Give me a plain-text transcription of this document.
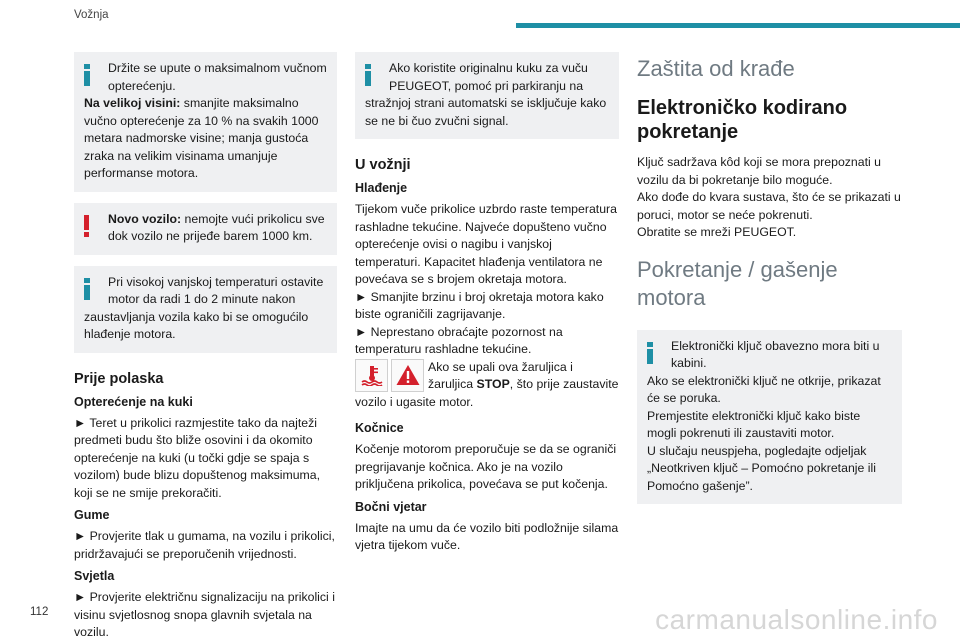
Vožnja
Držite se upute o maksimalnom vučnom opterećenju.
Na velikoj visini: smanjite maksimalno vučno opterećenje za 10 % na svakih 1000 metara nadmorske visine; manja gustoća zraka na velikim visinama umanjuje performanse motora.
Novo vozilo: nemojte vući prikolicu sve dok vozilo ne prijeđe barem 1000 km.
Pri visokoj vanjskoj temperaturi ostavite motor da radi 1 do 2 minute nakon
zaustavljanja vozila kako bi se omogućilo hlađenje motora.
Prije polaska
Opterećenje na kuki
► Teret u prikolici razmjestite tako da najteži predmeti budu što bliže osovini i da okomito opterećenje na kuki (u točki gdje se spaja s vozilom) bude blizu dopuštenog maksimuma, koji se ne smije prekoračiti.
Gume
► Provjerite tlak u gumama, na vozilu i prikolici, pridržavajući se preporučenih vrijednosti.
Svjetla
► Provjerite električnu signalizaciju na prikolici i visinu svjetlosnog snopa glavnih svjetala na vozilu.
Ako koristite originalnu kuku za vuču PEUGEOT, pomoć pri parkiranju na
stražnjoj strani automatski se isključuje kako se ne bi čuo zvučni signal.
U vožnji
Hlađenje
Tijekom vuče prikolice uzbrdo raste temperatura rashladne tekućine. Najveće dopušteno vučno opterećenje ovisi o nagibu i vanjskoj temperaturi. Kapacitet hlađenja ventilatora ne povećava se s brojem okretaja motora.
► Smanjite brzinu i broj okretaja motora kako biste ograničili zagrijavanje.
► Neprestano obraćajte pozornost na temperaturu rashladne tekućine.
Ako se upali ova žaruljica i žaruljica STOP, što prije zaustavite vozilo i ugasite motor.
Kočnice
Kočenje motorom preporučuje se da se ograniči pregrijavanje kočnica. Ako je na vozilo priključena prikolica, povećava se put kočenja.
Bočni vjetar
Imajte na umu da će vozilo biti podložnije silama vjetra tijekom vuče.
Zaštita od krađe
Elektroničko kodirano pokretanje
Ključ sadržava kôd koji se mora prepoznati u vozilu da bi pokretanje bilo moguće.
Ako dođe do kvara sustava, što će se prikazati u poruci, motor se neće pokrenuti.
Obratite se mreži PEUGEOT.
Pokretanje / gašenje motora
Elektronički ključ obavezno mora biti u kabini.
Ako se elektronički ključ ne otkrije, prikazat će se poruka.
Premjestite elektronički ključ kako biste mogli pokrenuti ili zaustaviti motor.
U slučaju neuspjeha, pogledajte odjeljak „Neotkriven ključ – Pomoćno pokretanje ili Pomoćno gašenje”.
112	carmanualsonline.info
